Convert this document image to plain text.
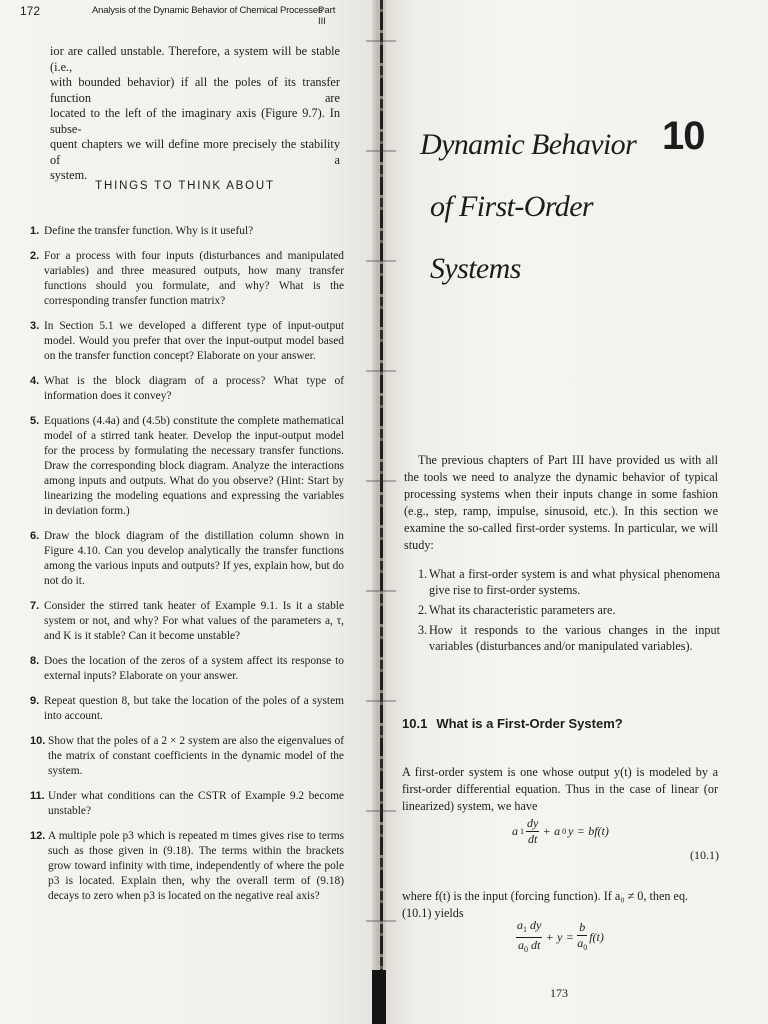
172	Analysis of the Dynamic Behavior of Chemical Processes
Part III
ior are called unstable. Therefore, a system will be stable (i.e.,
with bounded behavior) if all the poles of its transfer function are
located to the left of the imaginary axis (Figure 9.7). In subse-
quent chapters we will define more precisely the stability of a
system.
THINGS TO THINK ABOUT
1. Define the transfer function. Why is it useful?
2. For a process with four inputs (disturbances and manipulated variables) and three measured outputs, how many transfer functions should you formulate, and why? What is the corresponding transfer function matrix?
3. In Section 5.1 we developed a different type of input-output model. Would you prefer that over the input-output model based on the transfer function concept? Elaborate on your answer.
4. What is the block diagram of a process? What type of information does it convey?
5. Equations (4.4a) and (4.5b) constitute the complete mathematical model of a stirred tank heater. Develop the input-output model for the process by formulating the necessary transfer functions. Draw the corresponding block diagram. Analyze the interactions among inputs and outputs. What do you observe? (Hint: Start by linearizing the modeling equations and expressing the variables in deviation form.)
6. Draw the block diagram of the distillation column shown in Figure 4.10. Can you develop analytically the transfer functions among the various inputs and outputs? If yes, explain how, but do not do it.
7. Consider the stirred tank heater of Example 9.1. Is it a stable system or not, and why? For what values of the parameters a, τ, and K is it stable? Can it become unstable?
8. Does the location of the zeros of a system affect its response to external inputs? Elaborate on your answer.
9. Repeat question 8, but take the location of the poles of a system into account.
10. Show that the poles of a 2 × 2 system are also the eigenvalues of the matrix of constant coefficients in the dynamic model of the system.
11. Under what conditions can the CSTR of Example 9.2 become unstable?
12. A multiple pole p3 which is repeated m times gives rise to terms such as those given in (9.18). The terms within the brackets grow toward infinity with time, independently of where the pole p3 is located. Explain then, why the overall term of (9.18) decays to zero when p3 is located on the negative real axis?
Dynamic Behavior
of First-Order Systems
10
The previous chapters of Part III have provided us with all the tools we need to analyze the dynamic behavior of typical processing systems when their inputs change in some fashion (e.g., step, ramp, impulse, sinusoid, etc.). In this section we examine the so-called first-order systems. In particular, we will study:
1. What a first-order system is and what physical phenomena give rise to first-order systems.
2. What its characteristic parameters are.
3. How it responds to the various changes in the input variables (disturbances and/or manipulated variables).
10.1 What is a First-Order System?
A first-order system is one whose output y(t) is modeled by a first-order differential equation. Thus in the case of linear (or linearized) system, we have
a $1 \frac{dy}{dt} + a$ 0 y = bf(t)
(10.1)
where f(t) is the input (forcing function). If a₀ ≠ 0, then eq. (10.1) yields
$\frac{a_1 dy}{a_0 dt} + y = \frac{b}{a_0} f(t)$
173
